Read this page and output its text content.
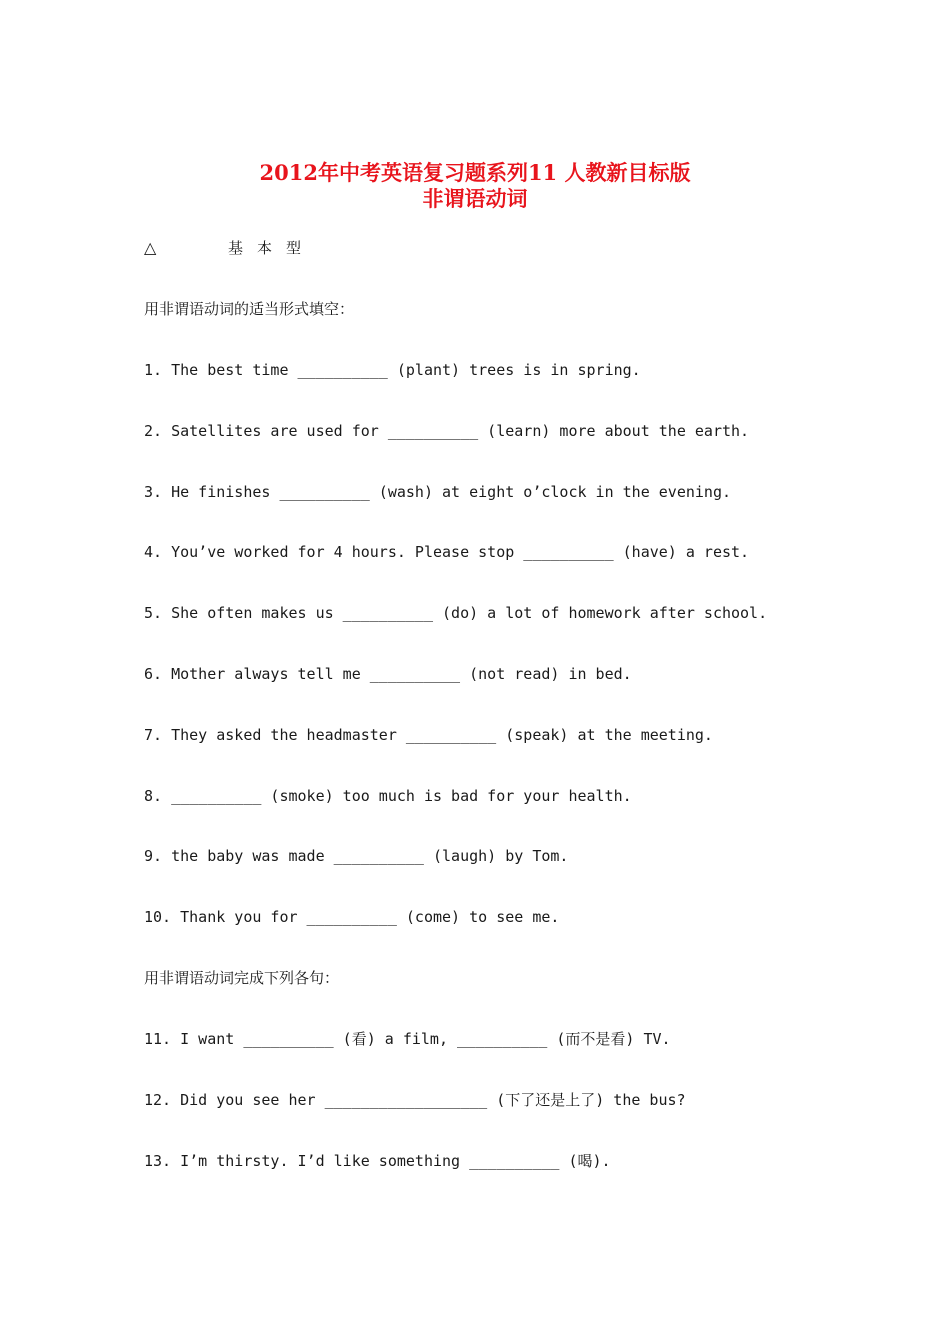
2012年中考英语复习题系列11 人教新目标版
非谓语动词
△	基本型
用非谓语动词的适当形式填空：
1. The best time __________ (plant) trees is in spring.
2. Satellites are used for __________ (learn) more about the earth.
3. He finishes __________ (wash) at eight o’clock in the evening.
4. You’ve worked for 4 hours. Please stop __________ (have) a rest.
5. She often makes us __________ (do) a lot of homework after school.
6. Mother always tell me __________ (not read) in bed.
7. They asked the headmaster __________ (speak) at the meeting.
8. __________ (smoke) too much is bad for your health.
9. the baby was made __________ (laugh) by Tom.
10. Thank you for __________ (come) to see me.
用非谓语动词完成下列各句：
11. I want __________ (看) a film, __________ (而不是看) TV.
12. Did you see her __________________ (下了还是上了) the bus?
13. I’m thirsty. I’d like something __________ (喝).
